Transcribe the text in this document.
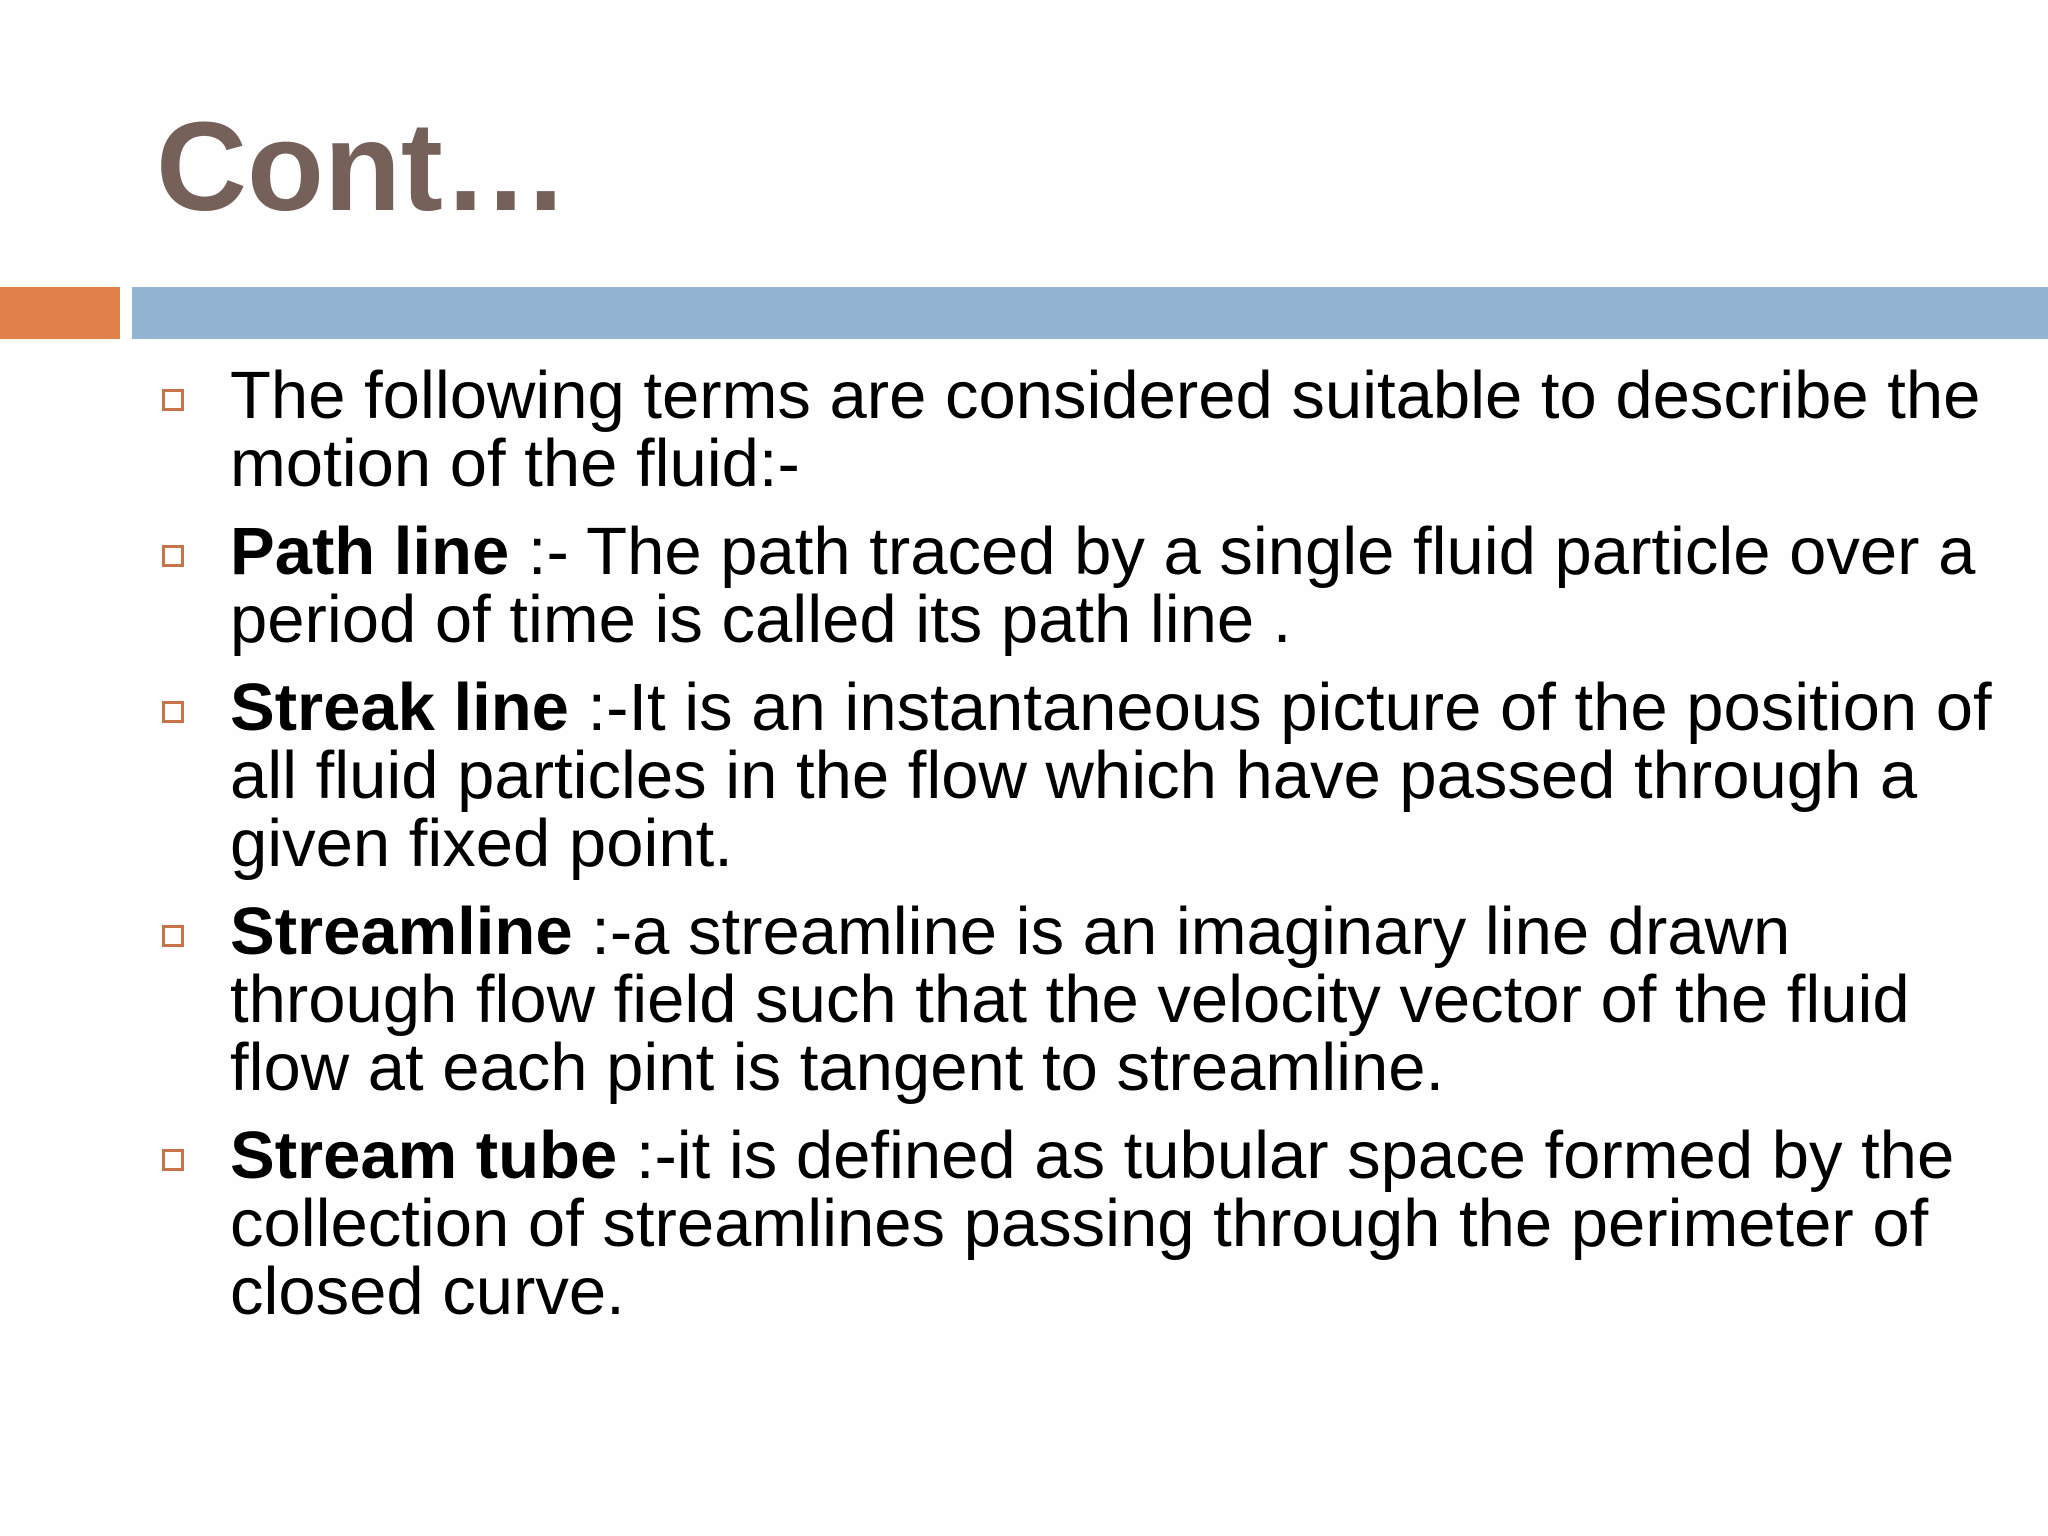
Cont…
The following terms are considered suitable to describe the motion of the fluid:-
Path line :- The path traced by a single fluid particle over a period of time is called its path line .
Streak line :-It is an instantaneous picture of the position of all fluid particles in the flow which have passed through a given fixed point.
Streamline :-a streamline is an imaginary line drawn through flow field such that the velocity vector of the fluid flow at each pint is tangent to streamline.
Stream tube :-it is defined as tubular space formed by the collection of streamlines passing through the perimeter of closed curve.
